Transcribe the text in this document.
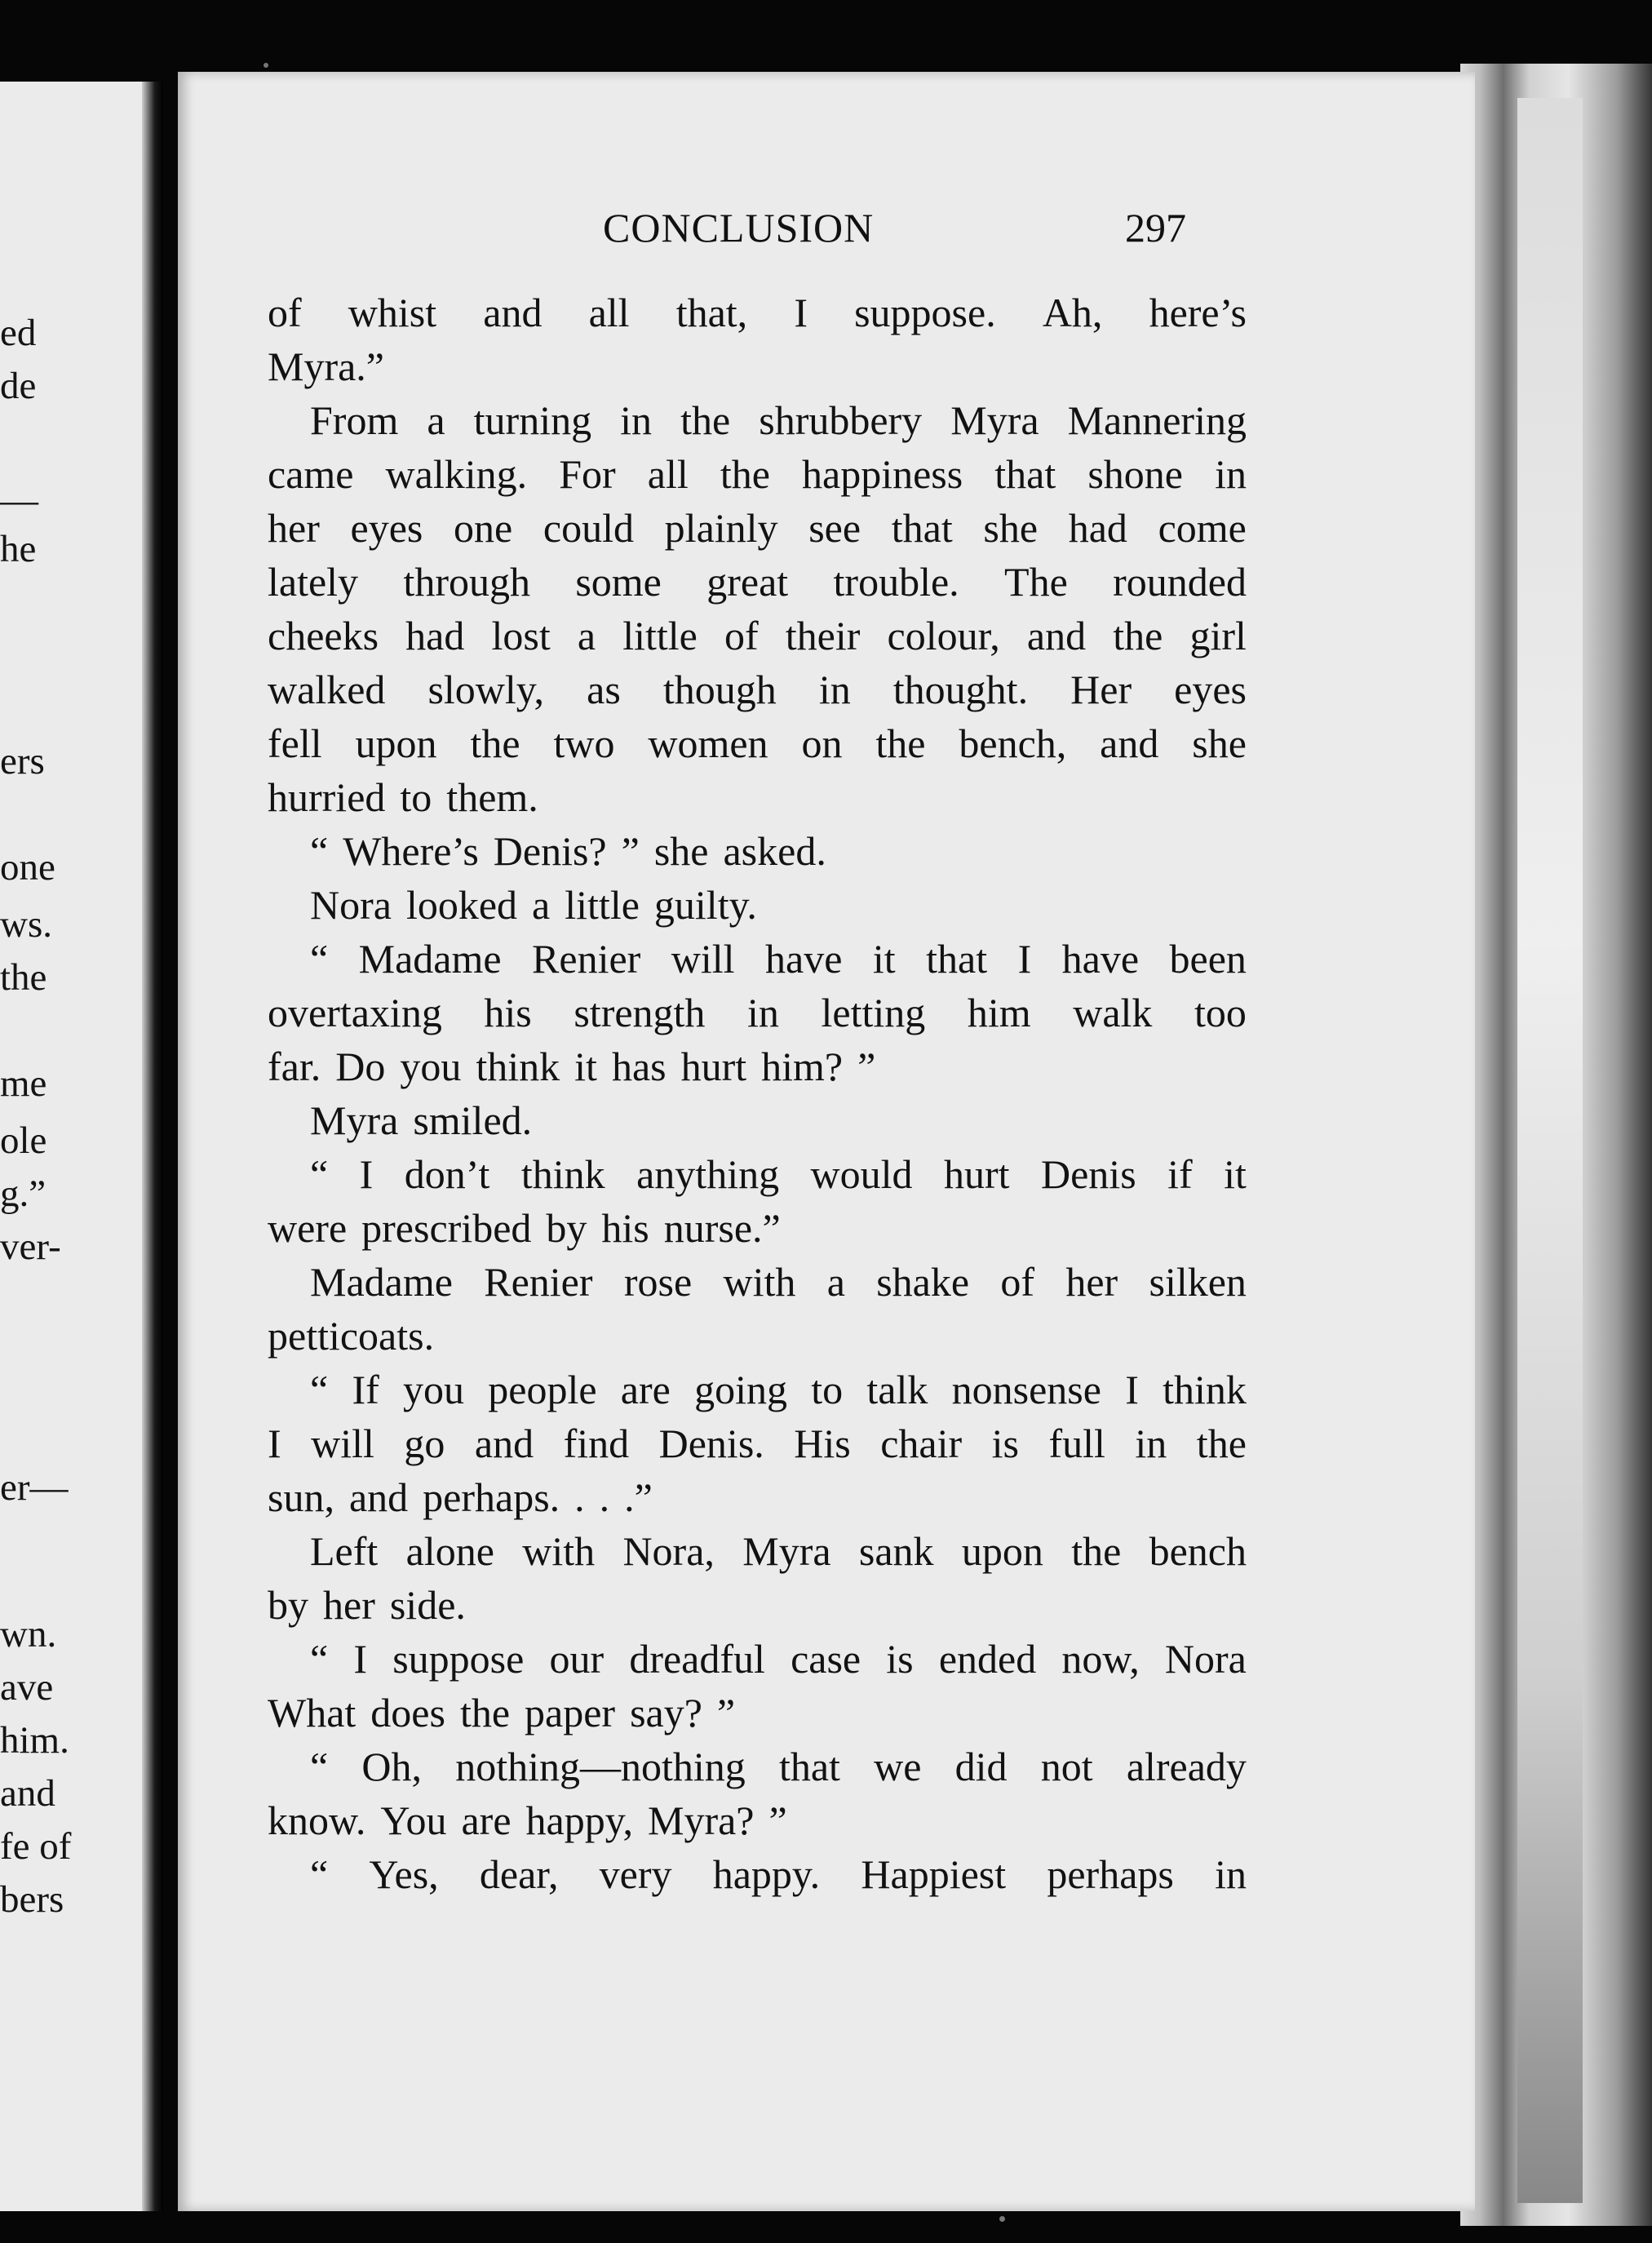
ed
de
—
he
ers
one
ws.
the
me
ole
g.”
ver-
er—
wn.
ave
him.
and
fe of
bers
CONCLUSION	297
of whist and all that, I suppose. Ah, here’s
Myra.”
From a turning in the shrubbery Myra Mannering
came walking. For all the happiness that shone in
her eyes one could plainly see that she had come
lately through some great trouble. The rounded
cheeks had lost a little of their colour, and the girl
walked slowly, as though in thought. Her eyes
fell upon the two women on the bench, and she
hurried to them.
“ Where’s Denis? ” she asked.
Nora looked a little guilty.
“ Madame Renier will have it that I have been
overtaxing his strength in letting him walk too
far. Do you think it has hurt him? ”
Myra smiled.
“ I don’t think anything would hurt Denis if it
were prescribed by his nurse.”
Madame Renier rose with a shake of her silken
petticoats.
“ If you people are going to talk nonsense I think
I will go and find Denis. His chair is full in the
sun, and perhaps. . . .”
Left alone with Nora, Myra sank upon the bench
by her side.
“ I suppose our dreadful case is ended now, Nora
What does the paper say? ”
“ Oh, nothing—nothing that we did not already
know. You are happy, Myra? ”
“ Yes, dear, very happy. Happiest perhaps in
